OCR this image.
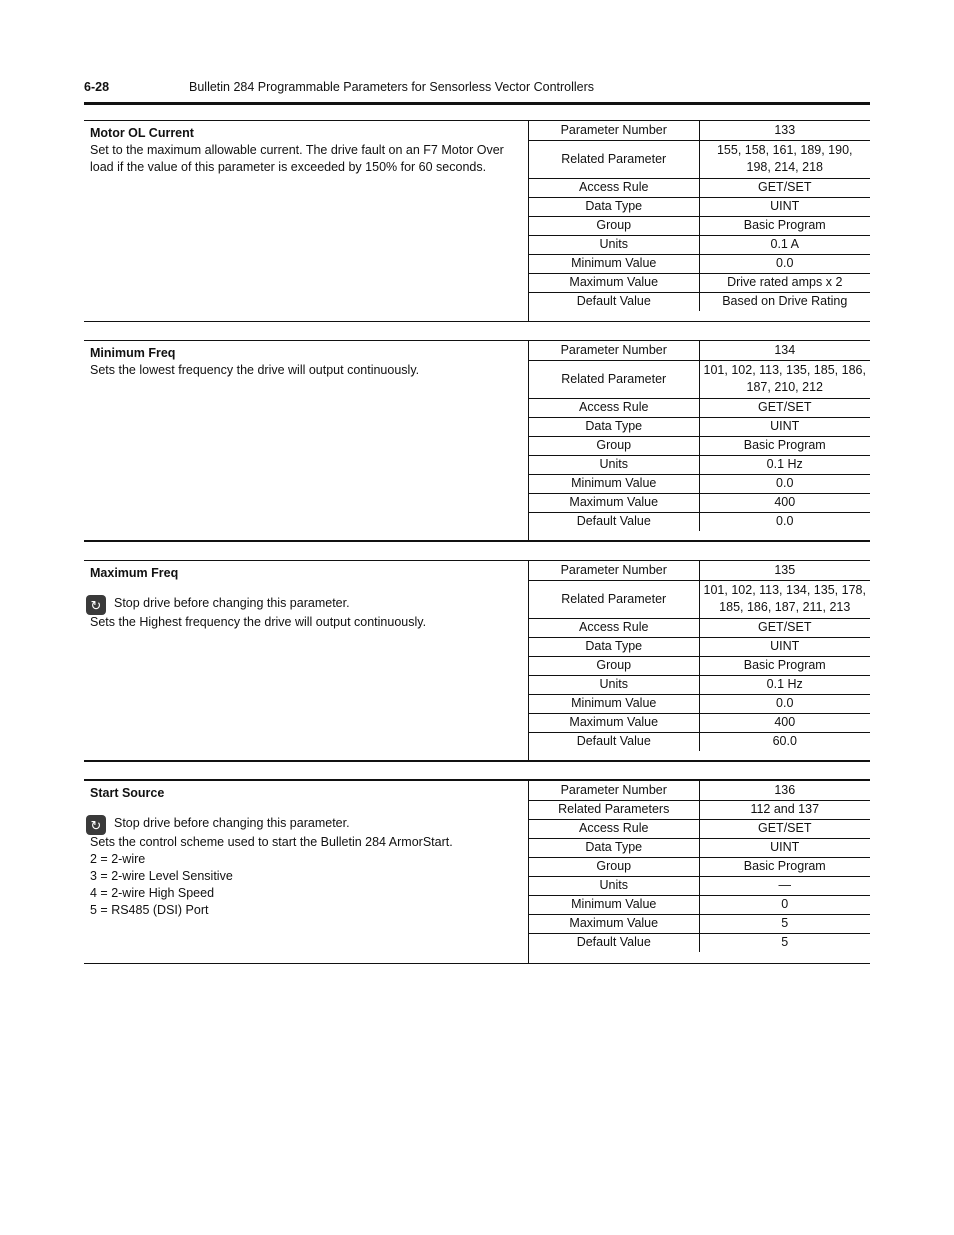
6-28	Bulletin 284 Programmable Parameters for Sensorless Vector Controllers
Motor OL Current
Set to the maximum allowable current. The drive fault on an F7 Motor Over load if the value of this parameter is exceeded by 150% for 60 seconds.
Parameter Number	133
Related Parameter	155, 158, 161, 189, 190, 198, 214, 218
Access Rule	GET/SET
Data Type	UINT
Group	Basic Program
Units	0.1 A
Minimum Value	0.0
Maximum Value	Drive rated amps x 2
Default Value	Based on Drive Rating
Minimum Freq
Sets the lowest frequency the drive will output continuously.
Parameter Number	134
Related Parameter	101, 102, 113, 135, 185, 186, 187, 210, 212
Access Rule	GET/SET
Data Type	UINT
Group	Basic Program
Units	0.1 Hz
Minimum Value	0.0
Maximum Value	400
Default Value	0.0
Maximum Freq
↻	Stop drive before changing this parameter.
Sets the Highest frequency the drive will output continuously.
Parameter Number	135
Related Parameter	101, 102, 113, 134, 135, 178, 185, 186, 187, 211, 213
Access Rule	GET/SET
Data Type	UINT
Group	Basic Program
Units	0.1 Hz
Minimum Value	0.0
Maximum Value	400
Default Value	60.0
Start Source
↻	Stop drive before changing this parameter.
Sets the control scheme used to start the Bulletin 284 ArmorStart.
2 = 2-wire
3 = 2-wire Level Sensitive
4 = 2-wire High Speed
5 = RS485 (DSI) Port
Parameter Number	136
Related Parameters	112 and 137
Access Rule	GET/SET
Data Type	UINT
Group	Basic Program
Units	—
Minimum Value	0
Maximum Value	5
Default Value	5
